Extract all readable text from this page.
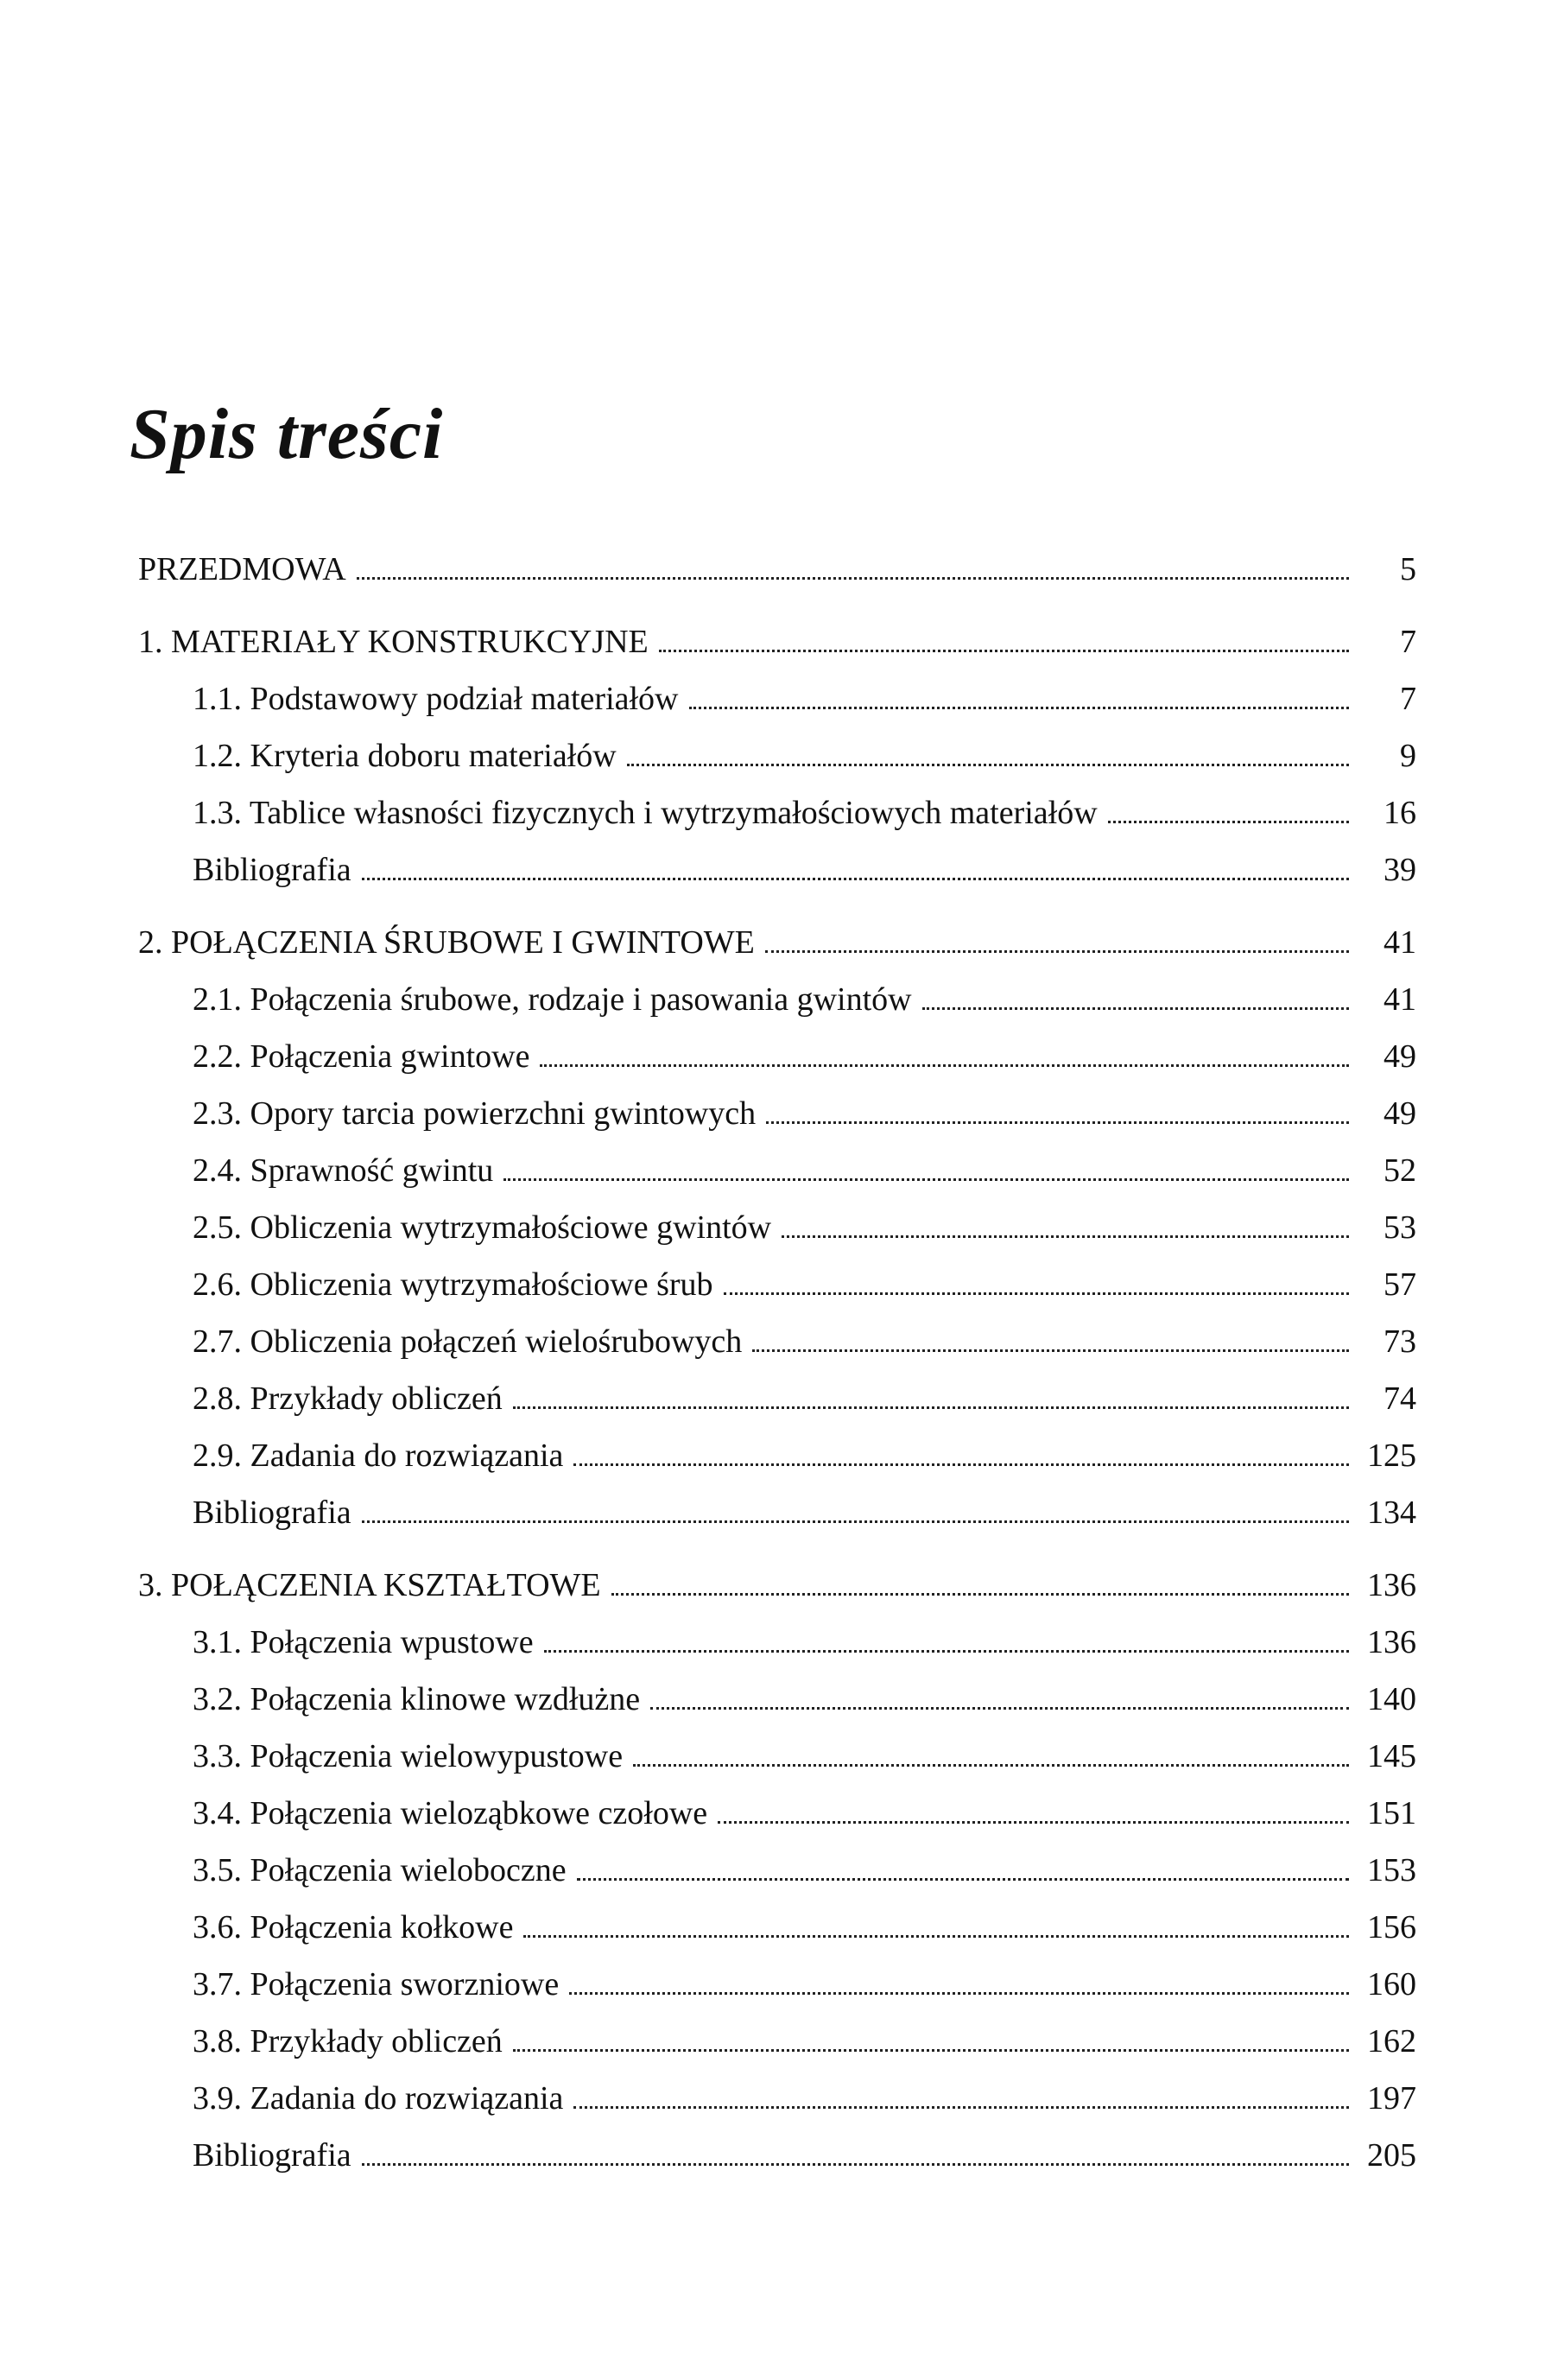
Spis treści
PRZEDMOWA	5
1. MATERIAŁY KONSTRUKCYJNE	7
1.1. Podstawowy podział materiałów	7
1.2. Kryteria doboru materiałów	9
1.3. Tablice własności fizycznych i wytrzymałościowych materiałów	16
Bibliografia	39
2. POŁĄCZENIA ŚRUBOWE I GWINTOWE	41
2.1. Połączenia śrubowe, rodzaje i pasowania gwintów	41
2.2. Połączenia gwintowe	49
2.3. Opory tarcia powierzchni gwintowych	49
2.4. Sprawność gwintu	52
2.5. Obliczenia wytrzymałościowe gwintów	53
2.6. Obliczenia wytrzymałościowe śrub	57
2.7. Obliczenia połączeń wielośrubowych	73
2.8. Przykłady obliczeń	74
2.9. Zadania do rozwiązania	125
Bibliografia	134
3. POŁĄCZENIA KSZTAŁTOWE	136
3.1. Połączenia wpustowe	136
3.2. Połączenia klinowe wzdłużne	140
3.3. Połączenia wielowypustowe	145
3.4. Połączenia wieloząbkowe czołowe	151
3.5. Połączenia wieloboczne	153
3.6. Połączenia kołkowe	156
3.7. Połączenia sworzniowe	160
3.8. Przykłady obliczeń	162
3.9. Zadania do rozwiązania	197
Bibliografia	205
